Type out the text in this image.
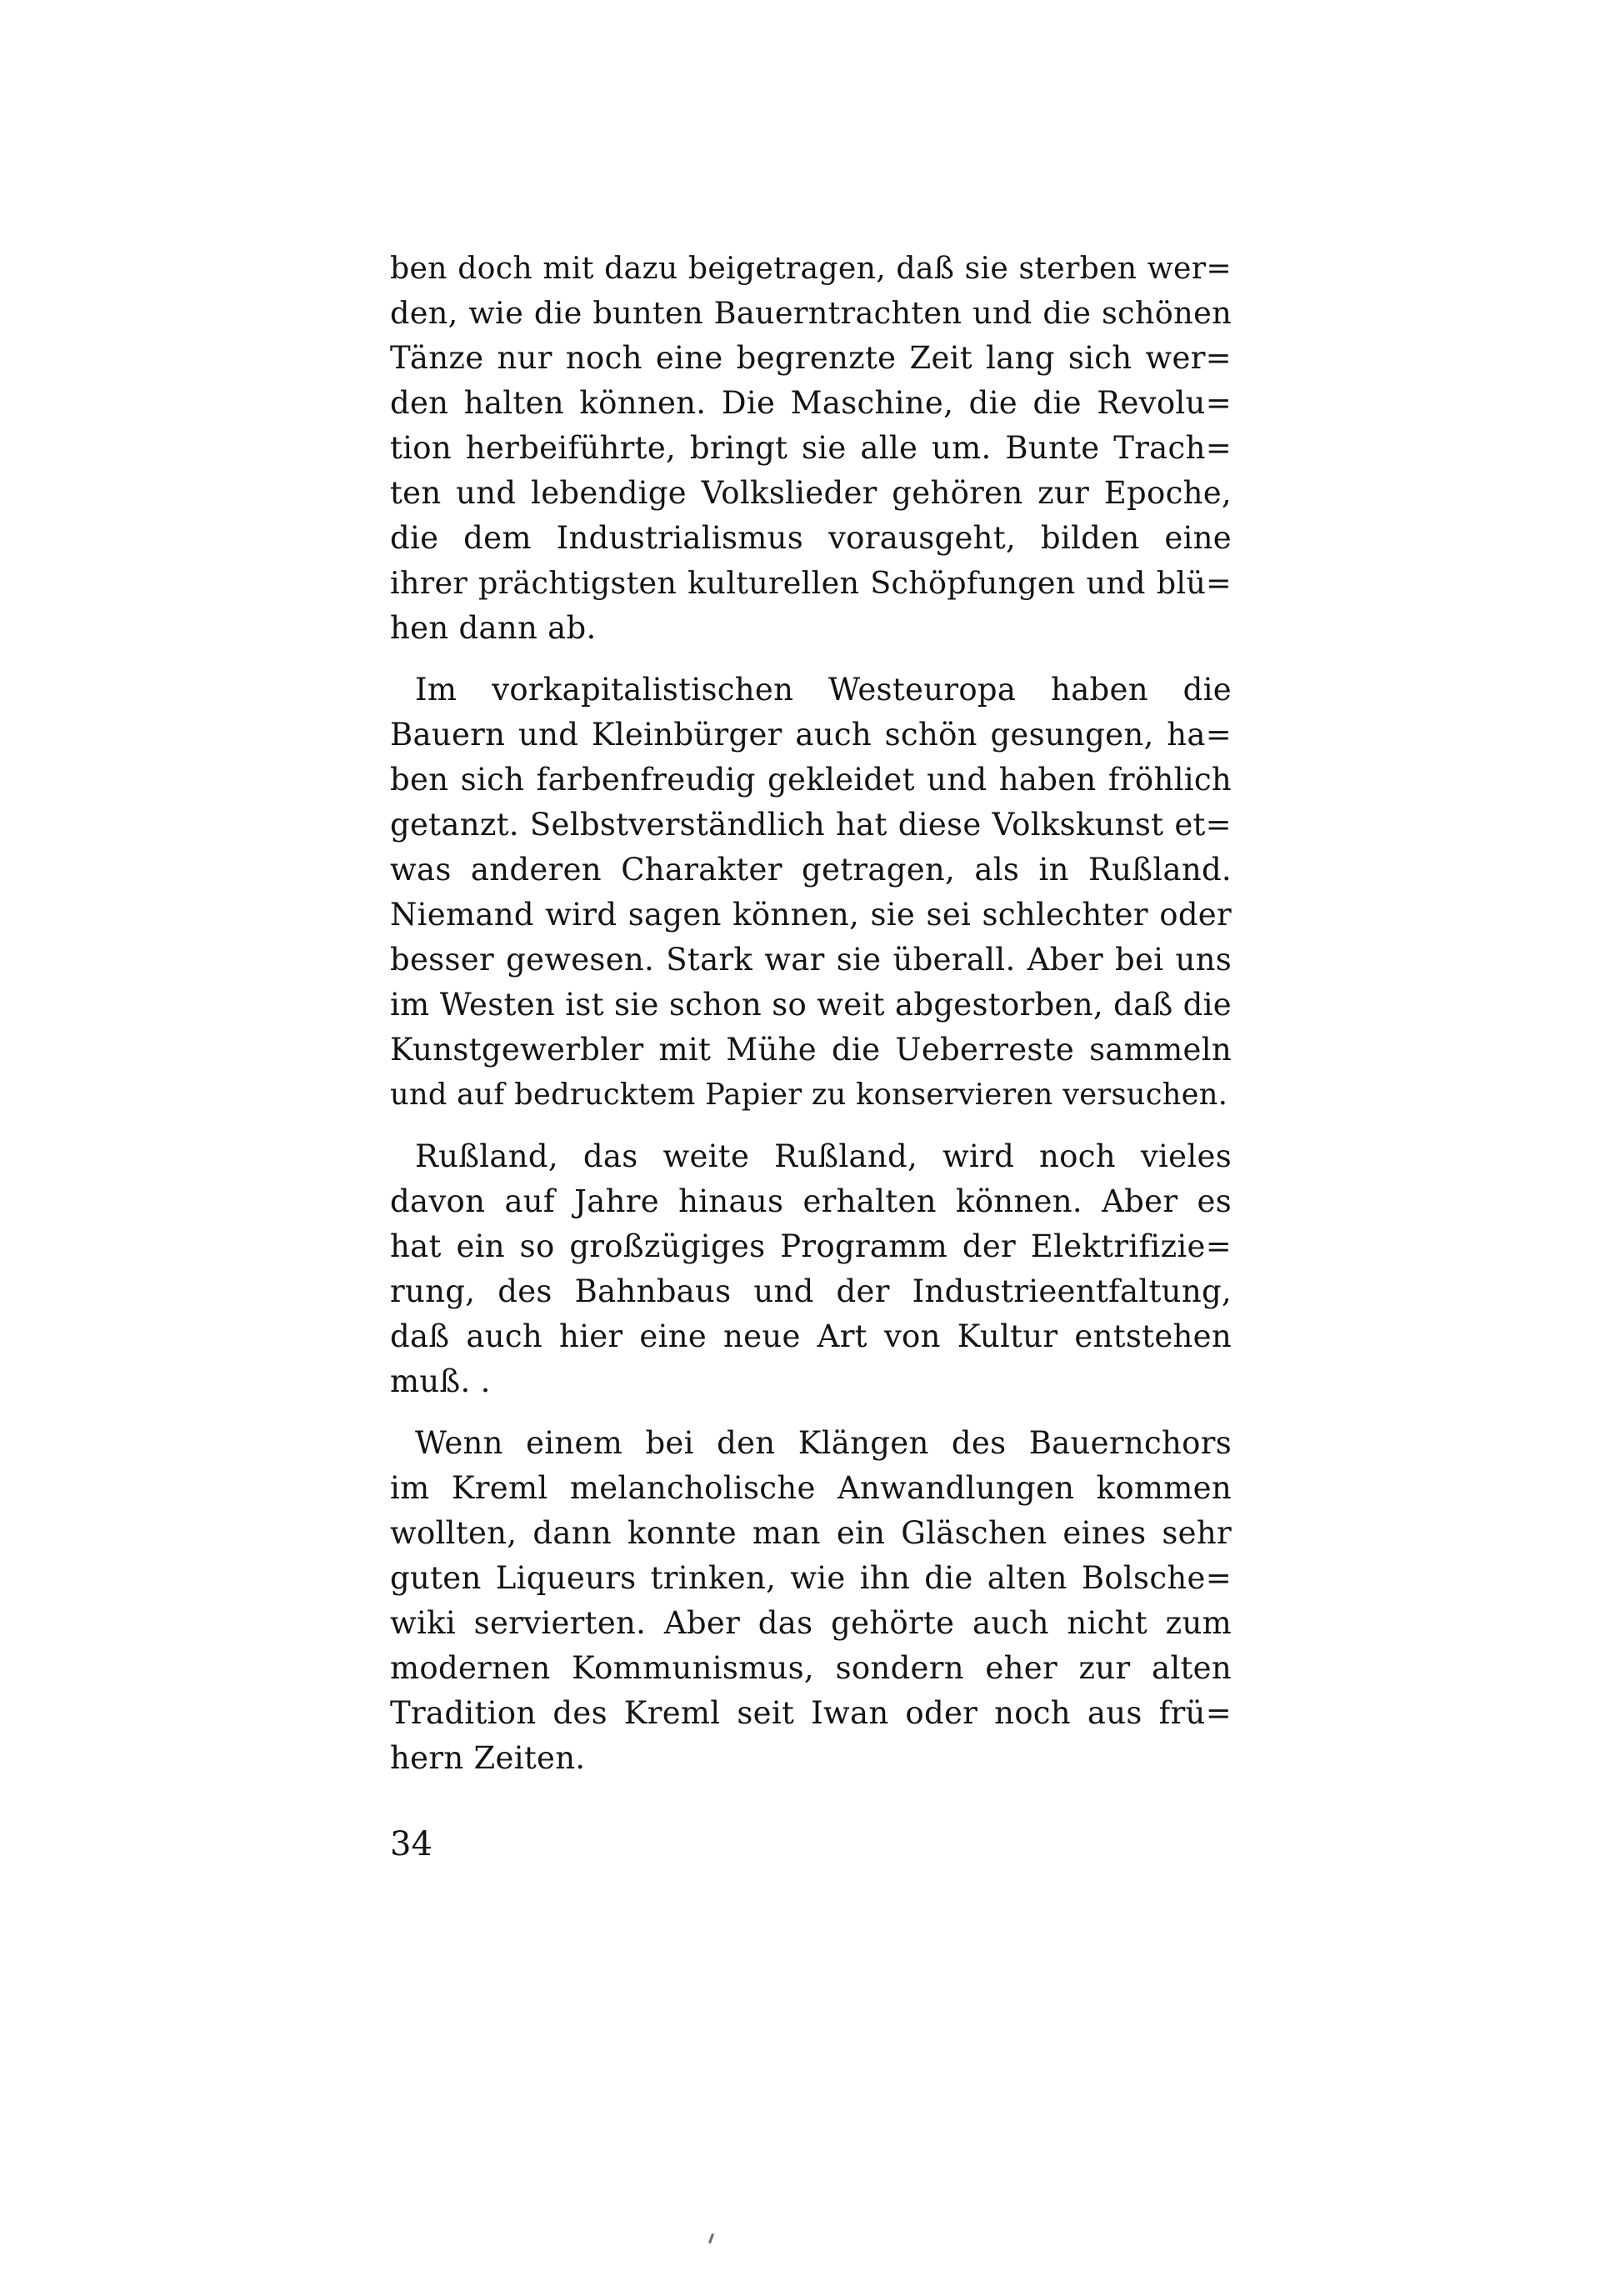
ben doch mit dazu beigetragen, daß sie sterben wer=
den, wie die bunten Bauerntrachten und die schönen
Tänze nur noch eine begrenzte Zeit lang sich wer=
den halten können. Die Maschine, die die Revolu=
tion herbeiführte, bringt sie alle um. Bunte Trach=
ten und lebendige Volkslieder gehören zur Epoche,
die dem Industrialismus vorausgeht, bilden eine
ihrer prächtigsten kulturellen Schöpfungen und blü=
hen dann ab.

Im vorkapitalistischen Westeuropa haben die
Bauern und Kleinbürger auch schön gesungen, ha=
ben sich farbenfreudig gekleidet und haben fröhlich
getanzt. Selbstverständlich hat diese Volkskunst et=
was anderen Charakter getragen, als in Rußland.
Niemand wird sagen können, sie sei schlechter oder
besser gewesen. Stark war sie überall. Aber bei uns
im Westen ist sie schon so weit abgestorben, daß die
Kunstgewerbler mit Mühe die Ueberreste sammeln
und auf bedrucktem Papier zu konservieren versuchen.

Rußland, das weite Rußland, wird noch vieles
davon auf Jahre hinaus erhalten können. Aber es
hat ein so großzügiges Programm der Elektrifizie=
rung, des Bahnbaus und der Industrieentfaltung,
daß auch hier eine neue Art von Kultur entstehen
muß. .

Wenn einem bei den Klängen des Bauernchors
im Kreml melancholische Anwandlungen kommen
wollten, dann konnte man ein Gläschen eines sehr
guten Liqueurs trinken, wie ihn die alten Bolsche=
wiki servierten. Aber das gehörte auch nicht zum
modernen Kommunismus, sondern eher zur alten
Tradition des Kreml seit Iwan oder noch aus frü=
hern Zeiten.

34
